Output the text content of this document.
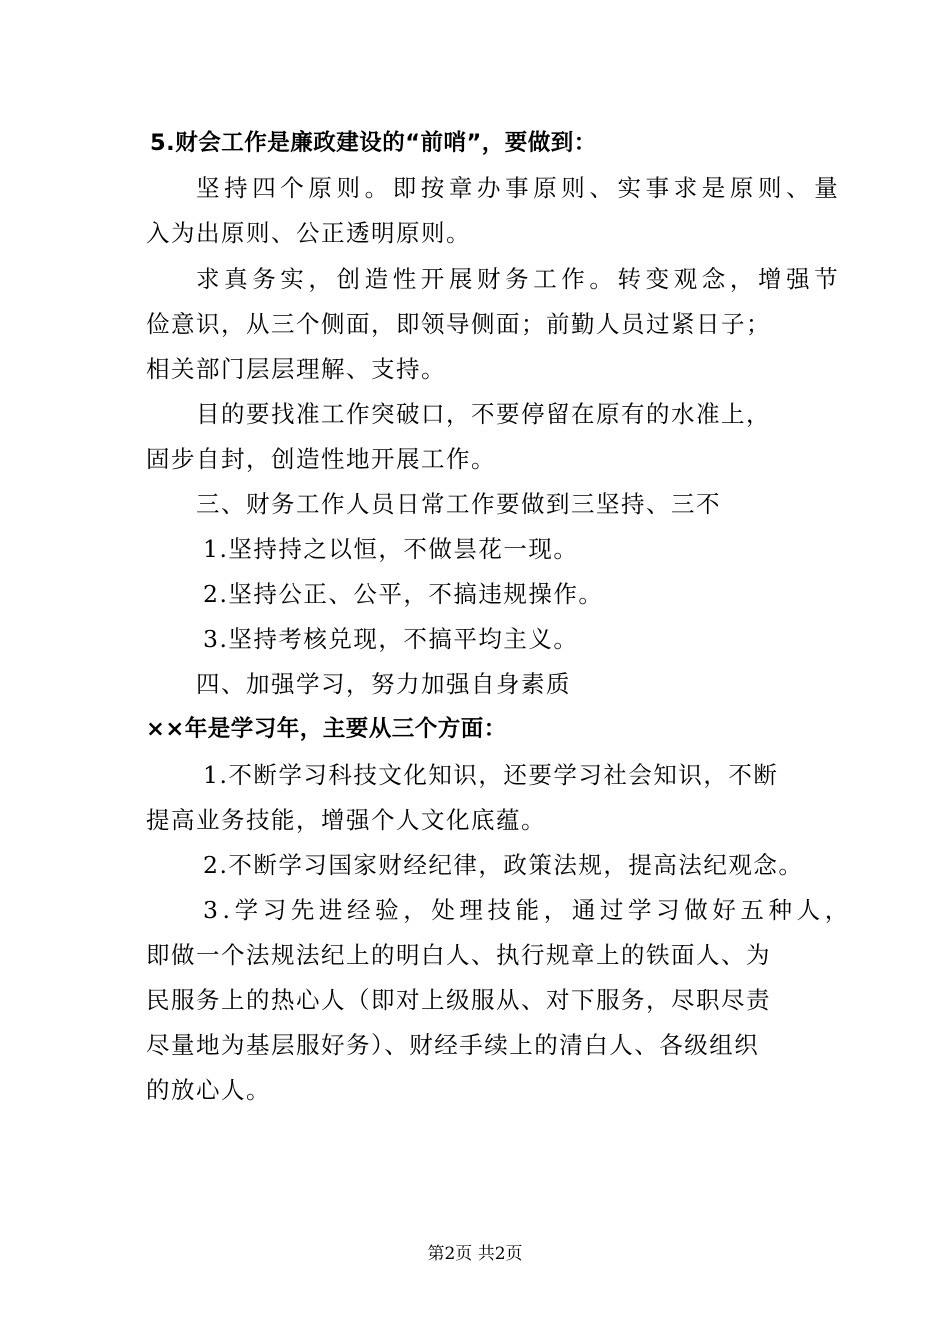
5.财会工作是廉政建设的“前哨”，要做到：
坚持四个原则。即按章办事原则、实事求是原则、量
入为出原则、公正透明原则。
求真务实，创造性开展财务工作。转变观念，增强节
俭意识，从三个侧面，即领导侧面；前勤人员过紧日子；
相关部门层层理解、支持。
目的要找准工作突破口，不要停留在原有的水准上，
固步自封，创造性地开展工作。
三、财务工作人员日常工作要做到三坚持、三不
1.坚持持之以恒，不做昙花一现。
2.坚持公正、公平，不搞违规操作。
3.坚持考核兑现，不搞平均主义。
四、加强学习，努力加强自身素质
××年是学习年，主要从三个方面：
1.不断学习科技文化知识，还要学习社会知识，不断
提高业务技能，增强个人文化底蕴。
2.不断学习国家财经纪律，政策法规，提高法纪观念。
3.学习先进经验，处理技能，通过学习做好五种人，
即做一个法规法纪上的明白人、执行规章上的铁面人、为
民服务上的热心人（即对上级服从、对下服务，尽职尽责
尽量地为基层服好务）、财经手续上的清白人、各级组织
的放心人。
第2页 共2页
